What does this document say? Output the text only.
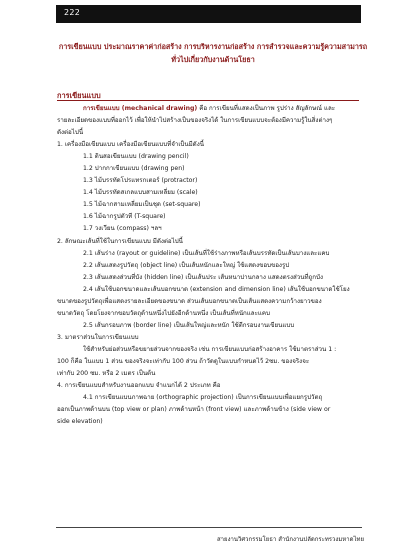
222
การเขียนแบบ ประมาณราคาค่าก่อสร้าง การบริหารงานก่อสร้าง การสำรวจและความรู้ความสามารถ
ทั่วไปเกี่ยวกับงานด้านโยธา
การเขียนแบบ

การเขียนแบบ (mechanical drawing) คือ การเขียนที่แสดงเป็นภาพ รูปร่าง สัญลักษณ์ และ

รายละเอียดของแบบที่ออกไว้ เพื่อให้นำไปสร้างเป็นของจริงได้ ในการเขียนแบบจะต้องมีความรู้ในสิ่งต่างๆ

ดังต่อไปนี้

1. เครื่องมือเขียนแบบ เครื่องมือเขียนแบบที่จำเป็นมีดังนี้

1.1 ดินสอเขียนแบบ (drawing pencil)

1.2 ปากกาเขียนแบบ (drawing pen)

1.3 ไม้บรรทัดโปรแทรกเตอร์ (protractor)

1.4 ไม้บรรทัดสเกลแบบสามเหลี่ยม (scale)

1.5 ไม้ฉากสามเหลี่ยมเป็นชุด (set-square)

1.6 ไม้ฉากรูปตัวที (T-square)

1.7 วงเวียน (compass) ฯลฯ

2. ลักษณะเส้นที่ใช้ในการเขียนแบบ มีดังต่อไปนี้

2.1 เส้นร่าง (rayout or guideline) เป็นเส้นที่ใช้ร่างภาพหรือเส้นบรรทัดเป็นเส้นบางและแคบ

2.2 เส้นแสดงรูปวัตถุ (object line) เป็นเส้นหนักและใหญ่ ใช้แสดงขอบของรูป

2.3 เส้นแสดงส่วนที่บัง (hidden line) เป็นเส้นประ เส้นหนาปานกลาง แสดงตรงส่วนที่ถูกบัง

2.4 เส้นใช้บอกขนาดและเส้นบอกขนาด (extension and dimension line) เส้นใช้บอกขนาดใช้โยง

ขนาดของรูปวัตถุเพื่อแสดงรายละเอียดของขนาด ส่วนเส้นบอกขนาดเป็นเส้นแสดงความกว้างยาวของ

ขนาดวัตถุ โดยโยงจากขอบวัตถุด้านหนึ่งไปยังอีกด้านหนึ่ง เป็นเส้นที่หนักและแคบ

2.5 เส้นกรอบภาพ (border line) เป็นเส้นใหญ่และหนัก ใช้ตีกรอบงานเขียนแบบ

3. มาตราส่วนในการเขียนแบบ

ใช้สำหรับย่อส่วนหรือขยายส่วนจากของจริง เช่น การเขียนแบบก่อสร้างอาคาร ใช้มาตราส่วน 1 :

100 ก็คือ ในแบบ 1 ส่วน ของจริงจะเท่ากับ 100 ส่วน ถ้าวัดดูในแบบกำหนดไว้ 2ซม. ของจริงจะ

เท่ากับ 200 ซม. หรือ 2 เมตร เป็นต้น

4. การเขียนแบบสำหรับงานออกแบบ จำแนกได้ 2 ประเภท คือ

4.1 การเขียนแบบภาพฉาย (orthographic projection) เป็นการเขียนแบบเพื่อแยกรูปวัตถุ

ออกเป็นภาพด้านบน (top view or plan) ภาพด้านหน้า (front view) และภาพด้านข้าง (side view or

side elevation)

สายงานวิศวกรรมโยธา สำนักงานปลัดกระทรวงมหาดไทย
